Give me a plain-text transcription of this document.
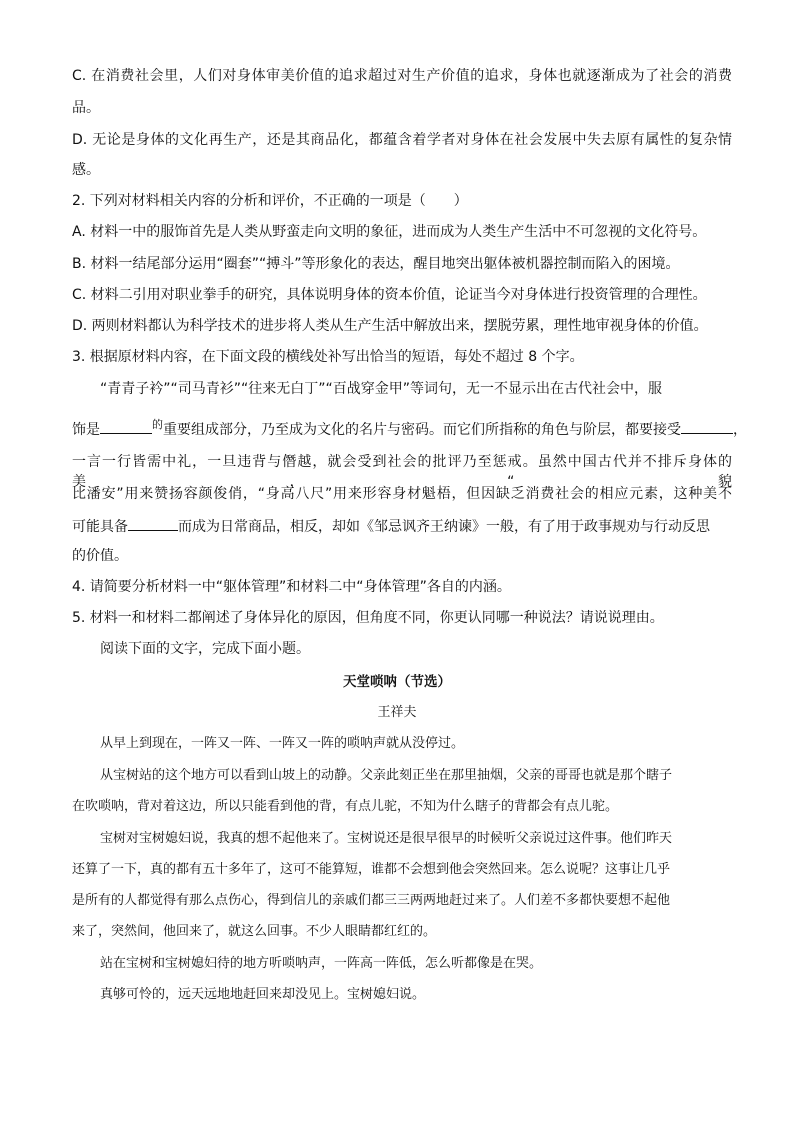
C. 在消费社会里，人们对身体审美价值的追求超过对生产价值的追求，身体也就逐渐成为了社会的消费
品。
D. 无论是身体的文化再生产，还是其商品化，都蕴含着学者对身体在社会发展中失去原有属性的复杂情
感。
2. 下列对材料相关内容的分析和评价，不正确的一项是（　　）
A. 材料一中的服饰首先是人类从野蛮走向文明的象征，进而成为人类生产生活中不可忽视的文化符号。
B. 材料一结尾部分运用“圈套”“搏斗”等形象化的表达，醒目地突出躯体被机器控制而陷入的困境。
C. 材料二引用对职业拳手的研究，具体说明身体的资本价值，论证当今对身体进行投资管理的合理性。
D. 两则材料都认为科学技术的进步将人类从生产生活中解放出来，摆脱劳累，理性地审视身体的价值。
3. 根据原材料内容，在下面文段的横线处补写出恰当的短语，每处不超过 8 个字。
“青青子衿”“司马青衫”“往来无白丁”“百战穿金甲”等词句，无一不显示出在古代社会中，服
饰是	$^的$重要组成部分，乃至成为文化的名片与密码。而它们所指称的角色与阶层，都要接受	，
一言一行皆需中礼，一旦违背与僭越，就会受到社会的批评乃至惩戒。虽然中国古代并不排斥身体的美，“貌
比潘安”用来赞扬容颜俊俏，“身高八尺”用来形容身材魁梧，但因缺乏消费社会的相应元素，这种美不
可能具备	而成为日常商品，相反，却如《邹忌讽齐王纳谏》一般，有了用于政事规劝与行动反思
的价值。
4. 请简要分析材料一中“躯体管理”和材料二中“身体管理”各自的内涵。
5. 材料一和材料二都阐述了身体异化的原因，但角度不同，你更认同哪一种说法？请说说理由。
阅读下面的文字，完成下面小题。
天堂唢呐（节选）
王祥夫
从早上到现在，一阵又一阵、一阵又一阵的唢呐声就从没停过。
从宝树站的这个地方可以看到山坡上的动静。父亲此刻正坐在那里抽烟，父亲的哥哥也就是那个瞎子
在吹唢呐，背对着这边，所以只能看到他的背，有点儿驼，不知为什么瞎子的背都会有点儿驼。
宝树对宝树媳妇说，我真的想不起他来了。宝树说还是很早很早的时候听父亲说过这件事。他们昨天
还算了一下，真的都有五十多年了，这可不能算短，谁都不会想到他会突然回来。怎么说呢？这事让几乎
是所有的人都觉得有那么点伤心，得到信儿的亲戚们都三三两两地赶过来了。人们差不多都快要想不起他
来了，突然间，他回来了，就这么回事。不少人眼睛都红红的。
站在宝树和宝树媳妇待的地方听唢呐声，一阵高一阵低，怎么听都像是在哭。
真够可怜的，远天远地地赶回来却没见上。宝树媳妇说。
